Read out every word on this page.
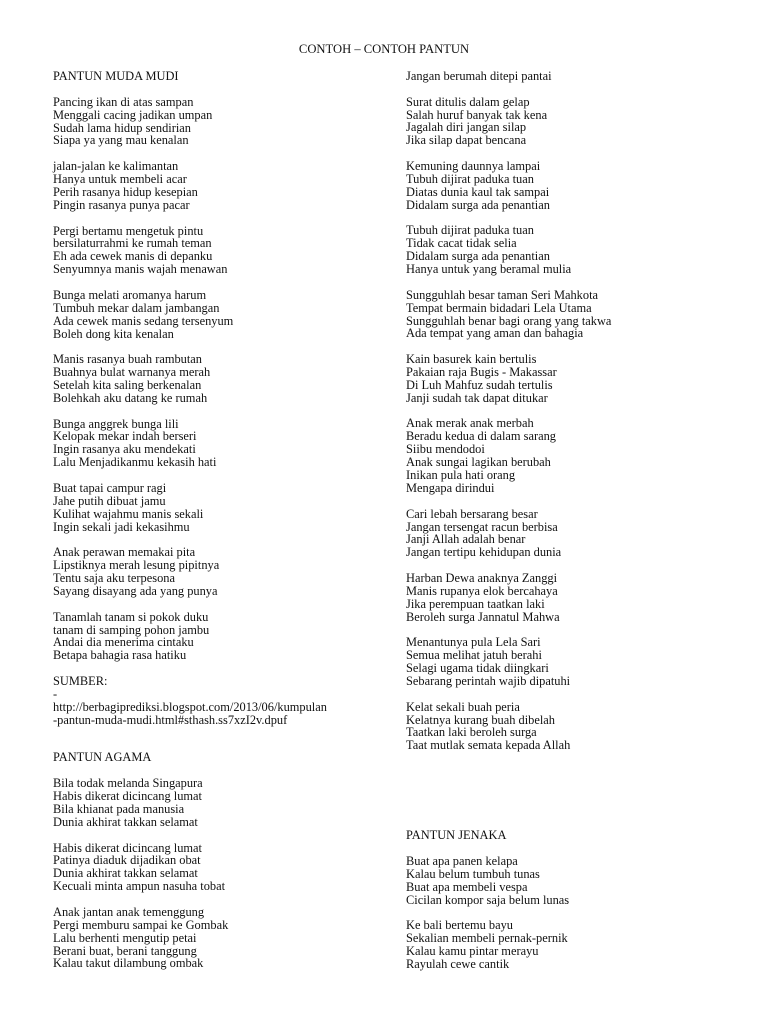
CONTOH – CONTOH PANTUN
PANTUN MUDA MUDI
Pancing ikan di atas sampan
Menggali cacing jadikan umpan
Sudah lama hidup sendirian
Siapa ya yang mau kenalan
jalan-jalan ke kalimantan
Hanya untuk membeli acar
Perih rasanya hidup kesepian
Pingin rasanya punya pacar
Pergi bertamu mengetuk pintu
bersilaturrahmi ke rumah teman
Eh ada cewek manis di depanku
Senyumnya manis wajah menawan
Bunga melati aromanya harum
Tumbuh mekar dalam jambangan
Ada cewek manis sedang tersenyum
Boleh dong kita kenalan
Manis rasanya buah rambutan
Buahnya bulat warnanya merah
Setelah kita saling berkenalan
Bolehkah aku datang ke rumah
Bunga anggrek bunga lili
Kelopak mekar indah berseri
Ingin rasanya aku mendekati
Lalu Menjadikanmu kekasih hati
Buat tapai campur ragi
Jahe putih dibuat jamu
Kulihat wajahmu manis sekali
Ingin sekali jadi kekasihmu
Anak perawan memakai pita
Lipstiknya merah lesung pipitnya
Tentu saja aku terpesona
Sayang disayang ada yang punya
Tanamlah tanam si pokok duku
tanam di samping pohon jambu
Andai dia menerima cintaku
Betapa bahagia rasa hatiku
SUMBER:
-
http://berbagiprediksi.blogspot.com/2013/06/kumpulan
-pantun-muda-mudi.html#sthash.ss7xzI2v.dpuf
PANTUN AGAMA
Bila todak melanda Singapura
Habis dikerat dicincang lumat
Bila khianat pada manusia
Dunia akhirat takkan selamat
Habis dikerat dicincang lumat
Patinya diaduk dijadikan obat
Dunia akhirat takkan selamat
Kecuali minta ampun nasuha tobat
Anak jantan anak temenggung
Pergi memburu sampai ke Gombak
Lalu berhenti mengutip petai
Berani buat, berani tanggung
Kalau takut dilambung ombak
Jangan berumah ditepi pantai
Surat ditulis dalam gelap
Salah huruf banyak tak kena
Jagalah diri jangan silap
Jika silap dapat bencana
Kemuning daunnya lampai
Tubuh dijirat paduka tuan
Diatas dunia kaul tak sampai
Didalam surga ada penantian
Tubuh dijirat paduka tuan
Tidak cacat tidak selia
Didalam surga ada penantian
Hanya untuk yang beramal mulia
Sungguhlah besar taman Seri Mahkota
Tempat bermain bidadari Lela Utama
Sungguhlah benar bagi orang yang takwa
Ada tempat yang aman dan bahagia
Kain basurek kain bertulis
Pakaian raja Bugis - Makassar
Di Luh Mahfuz sudah tertulis
Janji sudah tak dapat ditukar
Anak merak anak merbah
Beradu kedua di dalam sarang
Siibu mendodoi
Anak sungai lagikan berubah
Inikan pula hati orang
Mengapa dirindui
Cari lebah bersarang besar
Jangan tersengat racun berbisa
Janji Allah adalah benar
Jangan tertipu kehidupan dunia
Harban Dewa anaknya Zanggi
Manis rupanya elok bercahaya
Jika perempuan taatkan laki
Beroleh surga Jannatul Mahwa
Menantunya pula Lela Sari
Semua melihat jatuh berahi
Selagi ugama tidak diingkari
Sebarang perintah wajib dipatuhi
Kelat sekali buah peria
Kelatnya kurang buah dibelah
Taatkan laki beroleh surga
Taat mutlak semata kepada Allah
PANTUN JENAKA
Buat apa panen kelapa
Kalau belum tumbuh tunas
Buat apa membeli vespa
Cicilan kompor saja belum lunas
Ke bali bertemu bayu
Sekalian membeli pernak-pernik
Kalau kamu pintar merayu
Rayulah cewe cantik
